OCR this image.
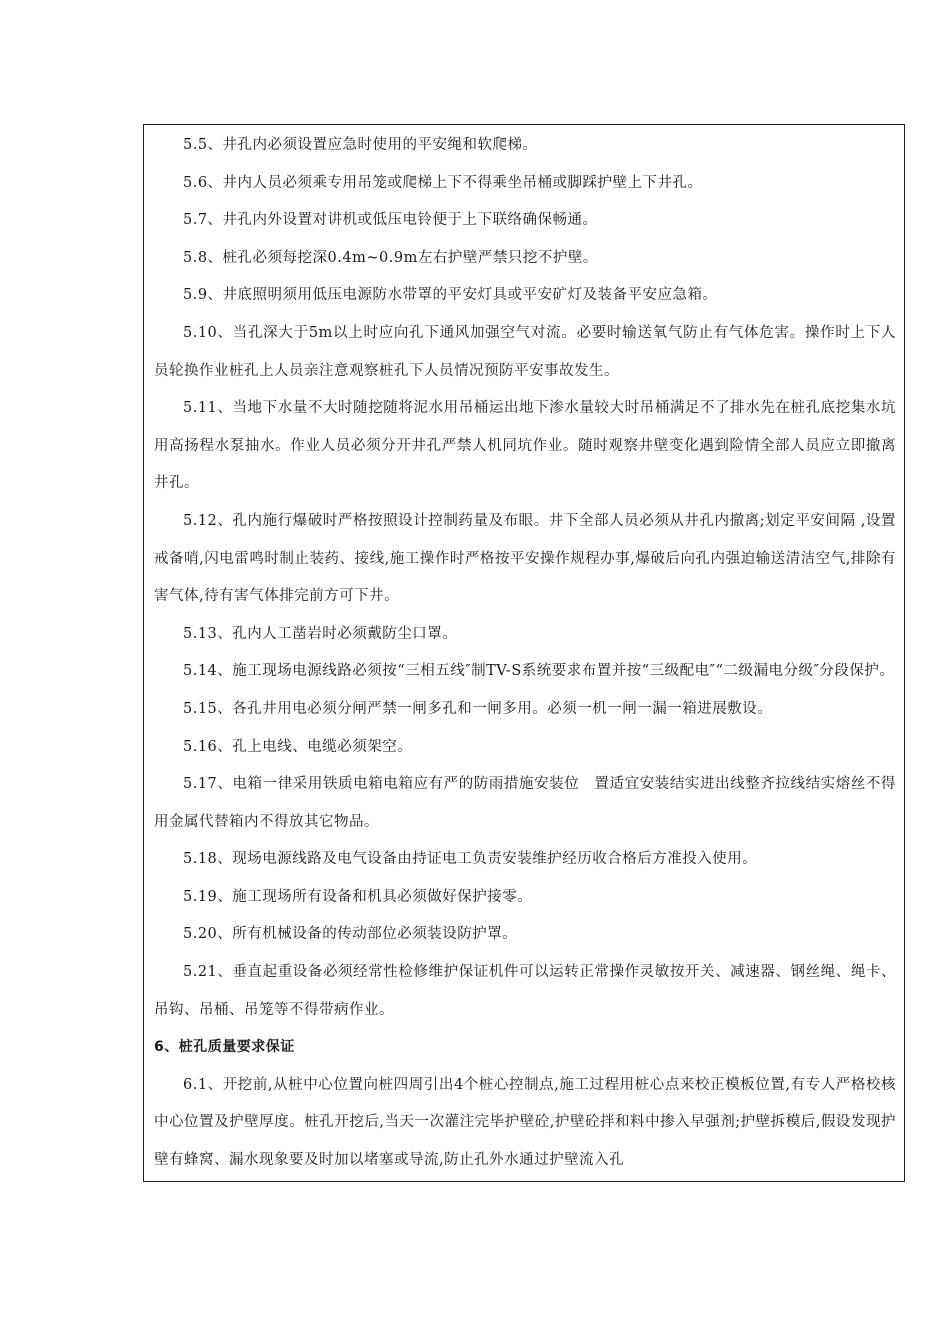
5.5、井孔内必须设置应急时使用的平安绳和软爬梯。

5.6、井内人员必须乘专用吊笼或爬梯上下不得乘坐吊桶或脚踩护壁上下井孔。

5.7、井孔内外设置对讲机或低压电铃便于上下联络确保畅通。

5.8、桩孔必须每挖深0.4m~0.9m左右护壁严禁只挖不护壁。

5.9、井底照明须用低压电源防水带罩的平安灯具或平安矿灯及装备平安应急箱。

5.10、当孔深大于5m以上时应向孔下通风加强空气对流。必要时输送氧气防止有气体危害。操作时上下人员轮换作业桩孔上人员亲注意观察桩孔下人员情况预防平安事故发生。

5.11、当地下水量不大时随挖随将泥水用吊桶运出地下渗水量较大时吊桶满足不了排水先在桩孔底挖集水坑用高扬程水泵抽水。作业人员必须分开井孔严禁人机同坑作业。随时观察井壁变化遇到险情全部人员应立即撤离井孔。

5.12、孔内施行爆破时严格按照设计控制药量及布眼。井下全部人员必须从井孔内撤离;划定平安间隔 ,设置戒备哨,闪电雷鸣时制止装药、接线,施工操作时严格按平安操作规程办事,爆破后向孔内强迫输送清洁空气,排除有害气体,待有害气体排完前方可下井。

5.13、孔内人工凿岩时必须戴防尘口罩。

5.14、施工现场电源线路必须按“三相五线″制TV-S系统要求布置并按“三级配电″“二级漏电分级″分段保护。

5.15、各孔井用电必须分闸严禁一闸多孔和一闸多用。必须一机一闸一漏一箱进展敷设。

5.16、孔上电线、电缆必须架空。

5.17、电箱一律采用铁质电箱电箱应有严的防雨措施安装位　置适宜安装结实进出线整齐拉线结实熔丝不得用金属代替箱内不得放其它物品。

5.18、现场电源线路及电气设备由持证电工负责安装维护经历收合格后方准投入使用。

5.19、施工现场所有设备和机具必须做好保护接零。

5.20、所有机械设备的传动部位必须装设防护罩。

5.21、垂直起重设备必须经常性检修维护保证机件可以运转正常操作灵敏按开关、减速器、钢丝绳、绳卡、吊钩、吊桶、吊笼等不得带病作业。

6、桩孔质量要求保证

6.1、开挖前,从桩中心位置向桩四周引出4个桩心控制点,施工过程用桩心点来校正模板位置,有专人严格校核中心位置及护壁厚度。桩孔开挖后,当天一次灌注完毕护壁砼,护壁砼拌和料中掺入早强剂;护壁拆模后,假设发现护壁有蜂窝、漏水现象要及时加以堵塞或导流,防止孔外水通过护壁流入孔
